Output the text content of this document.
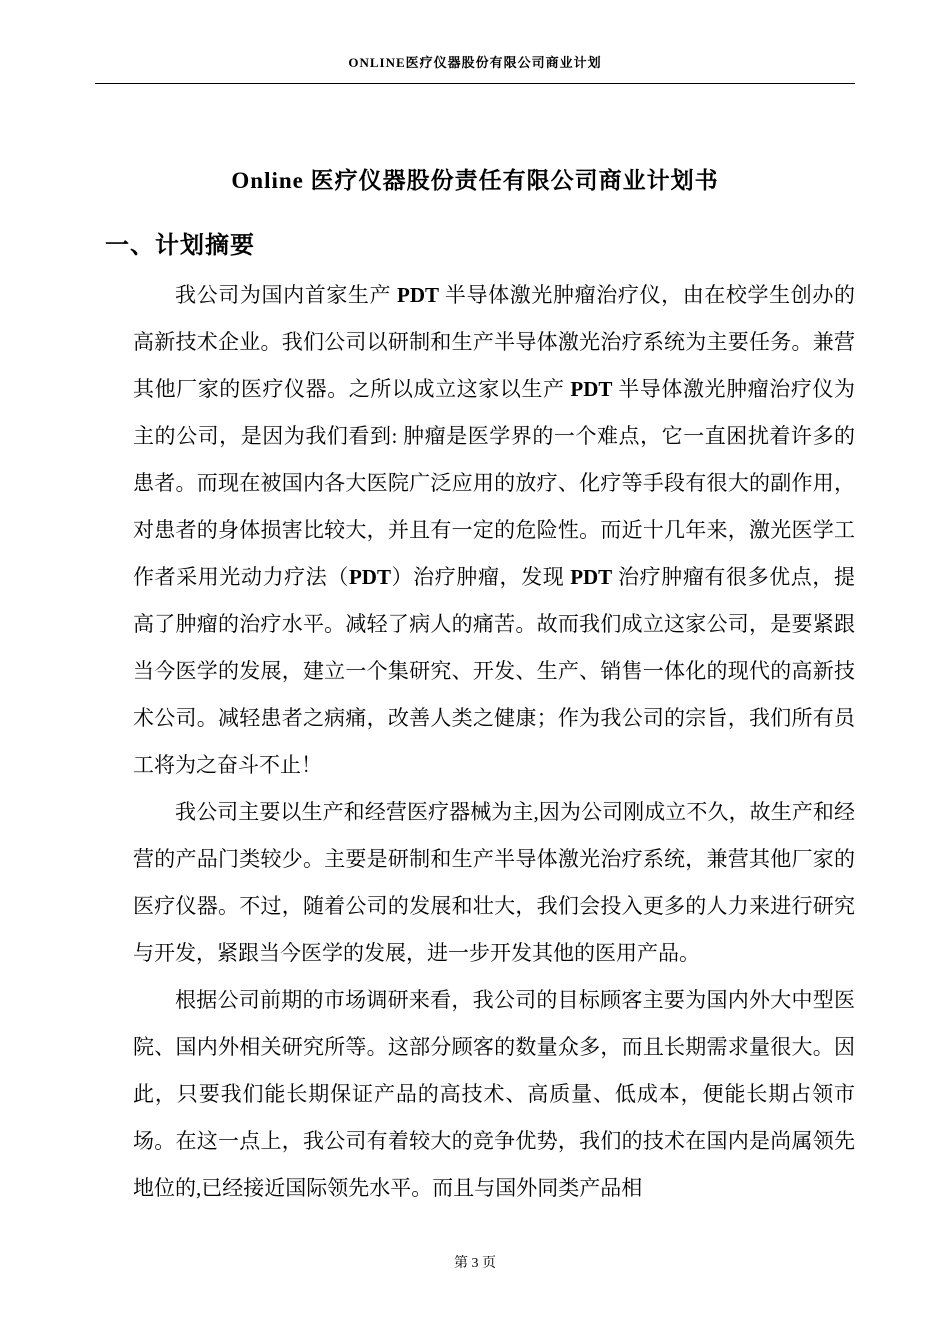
ONLINE医疗仪器股份有限公司商业计划
Online 医疗仪器股份责任有限公司商业计划书
一、计划摘要

我公司为国内首家生产 PDT 半导体激光肿瘤治疗仪，由在校学生创办的高新技术企业。我们公司以研制和生产半导体激光治疗系统为主要任务。兼营其他厂家的医疗仪器。之所以成立这家以生产 PDT 半导体激光肿瘤治疗仪为主的公司，是因为我们看到: 肿瘤是医学界的一个难点，它一直困扰着许多的患者。而现在被国内各大医院广泛应用的放疗、化疗等手段有很大的副作用，对患者的身体损害比较大，并且有一定的危险性。而近十几年来，激光医学工作者采用光动力疗法（PDT）治疗肿瘤，发现 PDT 治疗肿瘤有很多优点，提高了肿瘤的治疗水平。减轻了病人的痛苦。故而我们成立这家公司，是要紧跟当今医学的发展，建立一个集研究、开发、生产、销售一体化的现代的高新技术公司。减轻患者之病痛，改善人类之健康；作为我公司的宗旨，我们所有员工将为之奋斗不止！

我公司主要以生产和经营医疗器械为主,因为公司刚成立不久，故生产和经营的产品门类较少。主要是研制和生产半导体激光治疗系统，兼营其他厂家的医疗仪器。不过，随着公司的发展和壮大，我们会投入更多的人力来进行研究与开发，紧跟当今医学的发展，进一步开发其他的医用产品。

根据公司前期的市场调研来看，我公司的目标顾客主要为国内外大中型医院、国内外相关研究所等。这部分顾客的数量众多，而且长期需求量很大。因此，只要我们能长期保证产品的高技术、高质量、低成本，便能长期占领市场。在这一点上，我公司有着较大的竞争优势，我们的技术在国内是尚属领先地位的,已经接近国际领先水平。而且与国外同类产品相

第 3 页
